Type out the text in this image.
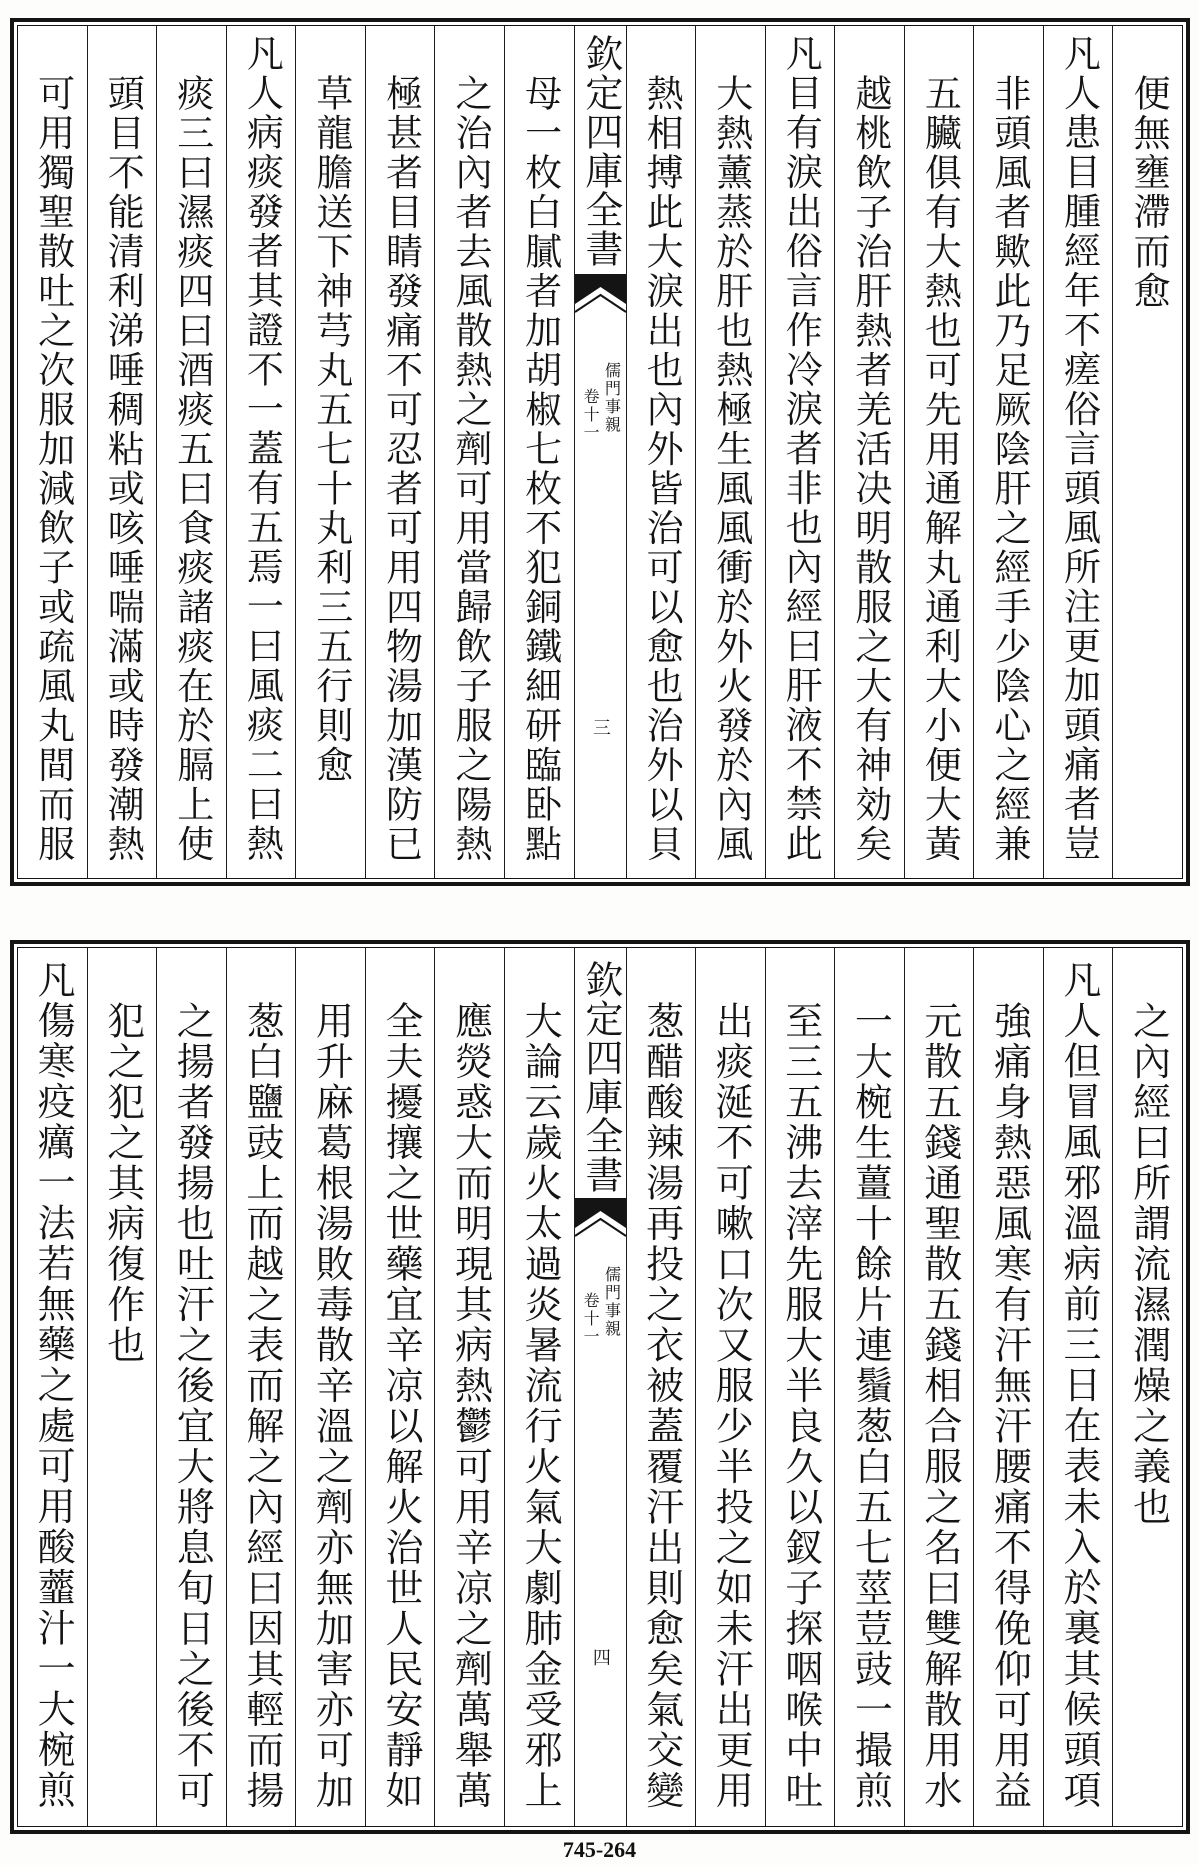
便無壅滯而愈
凡人患目腫經年不瘥俗言頭風所注更加頭痛者豈
非頭風者歟此乃足厥陰肝之經手少陰心之經兼
五臟俱有大熱也可先用通解丸通利大小便大黃
越桃飲子治肝熱者羌活决明散服之大有神効矣
凡目有淚出俗言作冷淚者非也內經曰肝液不禁此
大熱薰蒸於肝也熱極生風風衝於外火發於內風
熱相搏此大淚出也內外皆治可以愈也治外以貝
欽定四庫全書
儒門事親
卷十一
三
母一枚白膩者加胡椒七枚不犯銅鐵細研臨卧點
之治內者去風散熱之劑可用當歸飲子服之陽熱
極甚者目睛發痛不可忍者可用四物湯加漢防已
草龍膽送下神芎丸五七十丸利三五行則愈
凡人病痰發者其證不一蓋有五焉一曰風痰二曰熱
痰三曰濕痰四曰酒痰五曰食痰諸痰在於膈上使
頭目不能清利涕唾稠粘或咳唾喘滿或時發潮熱
可用獨聖散吐之次服加減飲子或疏風丸間而服
之內經曰所謂流濕潤燥之義也
凡人但冒風邪溫病前三日在表未入於裏其候頭項
強痛身熱惡風寒有汗無汗腰痛不得俛仰可用益
元散五錢通聖散五錢相合服之名曰雙解散用水
一大椀生薑十餘片連鬚葱白五七莖荳豉一撮煎
至三五沸去滓先服大半良久以釵子探咽喉中吐
出痰涎不可嗽口次又服少半投之如未汗出更用
葱醋酸辣湯再投之衣被蓋覆汗出則愈矣氣交變
欽定四庫全書
儒門事親
卷十一
四
大論云歲火太過炎暑流行火氣大劇肺金受邪上
應熒惑大而明現其病熱鬱可用辛凉之劑萬舉萬
全夫擾攘之世藥宜辛凉以解火治世人民安靜如
用升麻葛根湯敗毒散辛溫之劑亦無加害亦可加
葱白鹽豉上而越之表而解之內經曰因其輕而揚
之揚者發揚也吐汗之後宜大將息旬日之後不可
犯之犯之其病復作也
凡傷寒疫癘一法若無藥之處可用酸虀汁一大椀煎
745-264
